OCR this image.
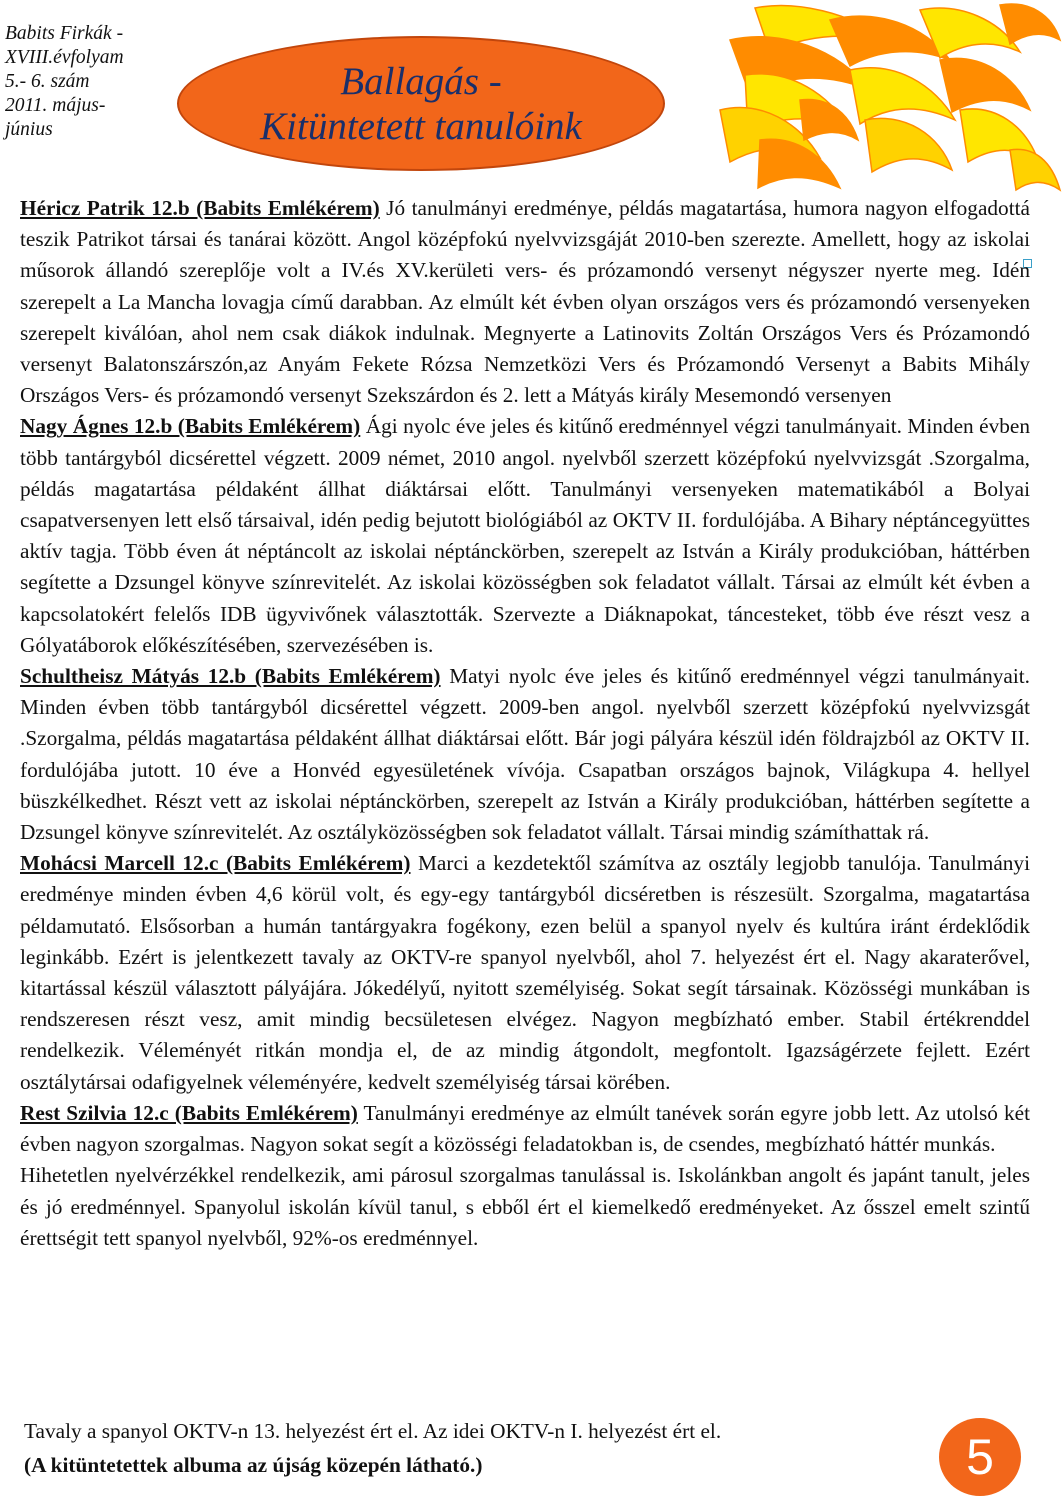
Babits Firkák -
XVIII.évfolyam
5.- 6. szám
2011. május-
június
Ballagás -
Kitüntetett tanulóink

Héricz Patrik 12.b (Babits Emlékérem) Jó tanulmányi eredménye, példás magatartása, humora nagyon elfogadottá teszik Patrikot társai és tanárai között. Angol középfokú nyelvvizsgáját 2010-ben szerezte. Amellett, hogy az iskolai műsorok állandó szereplője volt a IV.és XV.kerületi vers- és prózamondó versenyt négyszer nyerte meg. Idén szerepelt a La Mancha lovagja című darabban. Az elmúlt két évben olyan országos vers és prózamondó versenyeken szerepelt kiválóan, ahol nem csak diákok indulnak. Megnyerte a Latinovits Zoltán Országos Vers és Prózamondó versenyt Balatonszárszón,az Anyám Fekete Rózsa Nemzetközi Vers és Prózamondó Versenyt a Babits Mihály Országos Vers- és prózamondó versenyt Szekszárdon és 2. lett a Mátyás király Mesemondó versenyen

Nagy Ágnes 12.b (Babits Emlékérem) Ági nyolc éve jeles és kitűnő eredménnyel végzi tanulmányait. Minden évben több tantárgyból dicsérettel végzett. 2009 német, 2010 angol. nyelvből szerzett középfokú nyelvvizsgát .Szorgalma, példás magatartása példaként állhat diáktársai előtt. Tanulmányi versenyeken matematikából a Bolyai csapatversenyen lett első társaival, idén pedig bejutott biológiából az OKTV II. fordulójába. A Bihary néptáncegyüttes aktív tagja. Több éven át néptáncolt az iskolai néptánckörben, szerepelt az István a Király produkcióban, háttérben segítette a Dzsungel könyve színrevitelét. Az iskolai közösségben sok feladatot vállalt. Társai az elmúlt két évben a kapcsolatokért felelős IDB ügyvivőnek választották. Szervezte a Diáknapokat, táncesteket, több éve részt vesz a Gólyatáborok előkészítésében, szervezésében is.

Schultheisz Mátyás 12.b (Babits Emlékérem) Matyi nyolc éve jeles és kitűnő eredménnyel végzi tanulmányait. Minden évben több tantárgyból dicsérettel végzett. 2009-ben angol. nyelvből szerzett középfokú nyelvvizsgát .Szorgalma, példás magatartása példaként állhat diáktársai előtt. Bár jogi pályára készül idén földrajzból az OKTV II. fordulójába jutott. 10 éve a Honvéd egyesületének vívója. Csapatban országos bajnok, Világkupa 4. hellyel büszkélkedhet. Részt vett az iskolai néptánckörben, szerepelt az István a Király produkcióban, háttérben segítette a Dzsungel könyve színrevitelét. Az osztályközösségben sok feladatot vállalt. Társai mindig számíthattak rá.

Mohácsi Marcell 12.c (Babits Emlékérem) Marci a kezdetektől számítva az osztály legjobb tanulója. Tanulmányi eredménye minden évben 4,6 körül volt, és egy-egy tantárgyból dicséretben is részesült. Szorgalma, magatartása példamutató. Elsősorban a humán tantárgyakra fogékony, ezen belül a spanyol nyelv és kultúra iránt érdeklődik leginkább. Ezért is jelentkezett tavaly az OKTV-re spanyol nyelvből, ahol 7. helyezést ért el. Nagy akaraterővel, kitartással készül választott pályájára. Jókedélyű, nyitott személyiség. Sokat segít társainak. Közösségi munkában is rendszeresen részt vesz, amit mindig becsületesen elvégez. Nagyon megbízható ember. Stabil értékrenddel rendelkezik. Véleményét ritkán mondja el, de az mindig átgondolt, megfontolt. Igazságérzete fejlett. Ezért osztálytársai odafigyelnek véleményére, kedvelt személyiség társai körében.

Rest Szilvia 12.c (Babits Emlékérem) Tanulmányi eredménye az elmúlt tanévek során egyre jobb lett. Az utolsó két évben nagyon szorgalmas. Nagyon sokat segít a közösségi feladatokban is, de csendes, megbízható háttér munkás.

Hihetetlen nyelvérzékkel rendelkezik, ami párosul szorgalmas tanulással is. Iskolánkban angolt és japánt tanult, jeles és jó eredménnyel. Spanyolul iskolán kívül tanul, s ebből ért el kiemelkedő eredményeket. Az ősszel emelt szintű érettségit tett spanyol nyelvből, 92%-os eredménnyel.

Tavaly a spanyol OKTV-n 13. helyezést ért el. Az idei OKTV-n I. helyezést ért el.
(A kitüntetettek albuma az újság közepén látható.)	5
